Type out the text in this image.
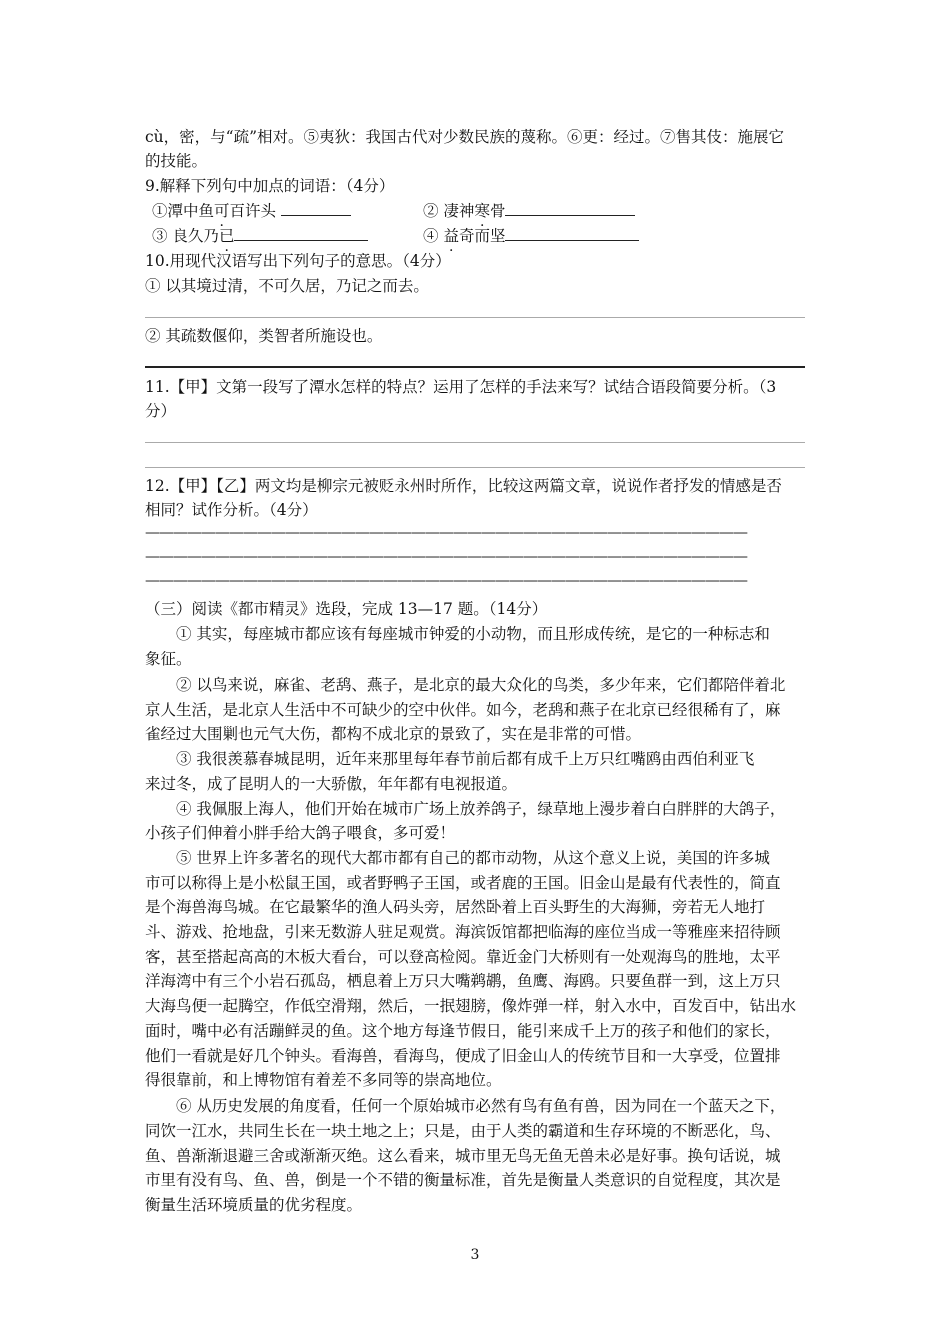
cù，密，与“疏”相对。⑤夷狄：我国古代对少数民族的蔑称。⑥更：经过。⑦售其伎：施展它
的技能。
9.解释下列句中加点的词语：（4分）
①潭中鱼可百许头	② 凄神寒骨
③ 良久乃已	④ 益奇而坚
10.用现代汉语写出下列句子的意思。（4分）
① 以其境过清，不可久居，乃记之而去。
② 其疏数偃仰，类智者所施设也。
11.【甲】文第一段写了潭水怎样的特点？运用了怎样的手法来写？试结合语段简要分析。（3
分）
12.【甲】【乙】两文均是柳宗元被贬永州时所作，比较这两篇文章，说说作者抒发的情感是否
相同？试作分析。（4分）
———————————————————————————————————————————
———————————————————————————————————————————
———————————————————————————————————————————
（三）阅读《都市精灵》选段，完成 13—17 题。（14分）
① 其实，每座城市都应该有每座城市钟爱的小动物，而且形成传统，是它的一种标志和
象征。
② 以鸟来说，麻雀、老鸹、燕子，是北京的最大众化的鸟类，多少年来，它们都陪伴着北
京人生活，是北京人生活中不可缺少的空中伙伴。如今，老鸹和燕子在北京已经很稀有了，麻
雀经过大围剿也元气大伤，都构不成北京的景致了，实在是非常的可惜。
③ 我很羡慕春城昆明，近年来那里每年春节前后都有成千上万只红嘴鸥由西伯利亚飞
来过冬，成了昆明人的一大骄傲，年年都有电视报道。
④ 我佩服上海人，他们开始在城市广场上放养鸽子，绿草地上漫步着白白胖胖的大鸽子，
小孩子们伸着小胖手给大鸽子喂食，多可爱！
⑤ 世界上许多著名的现代大都市都有自己的都市动物，从这个意义上说，美国的许多城
市可以称得上是小松鼠王国，或者野鸭子王国，或者鹿的王国。旧金山是最有代表性的，简直
是个海兽海鸟城。在它最繁华的渔人码头旁，居然卧着上百头野生的大海狮，旁若无人地打
斗、游戏、抢地盘，引来无数游人驻足观赏。海滨饭馆都把临海的座位当成一等雅座来招待顾
客，甚至搭起高高的木板大看台，可以登高检阅。靠近金门大桥则有一处观海鸟的胜地，太平
洋海湾中有三个小岩石孤岛，栖息着上万只大嘴鹈鹕，鱼鹰、海鸥。只要鱼群一到，这上万只
大海鸟便一起腾空，作低空滑翔，然后，一抿翅膀，像炸弹一样，射入水中，百发百中，钻出水
面时，嘴中必有活蹦鲜灵的鱼。这个地方每逢节假日，能引来成千上万的孩子和他们的家长，
他们一看就是好几个钟头。看海兽，看海鸟，便成了旧金山人的传统节目和一大享受，位置排
得很靠前，和上博物馆有着差不多同等的崇高地位。
⑥ 从历史发展的角度看，任何一个原始城市必然有鸟有鱼有兽，因为同在一个蓝天之下，
同饮一江水，共同生长在一块土地之上；只是，由于人类的霸道和生存环境的不断恶化，鸟、
鱼、兽渐渐退避三舍或渐渐灭绝。这么看来，城市里无鸟无鱼无兽未必是好事。换句话说，城
市里有没有鸟、鱼、兽，倒是一个不错的衡量标准，首先是衡量人类意识的自觉程度，其次是
衡量生活环境质量的优劣程度。
3
